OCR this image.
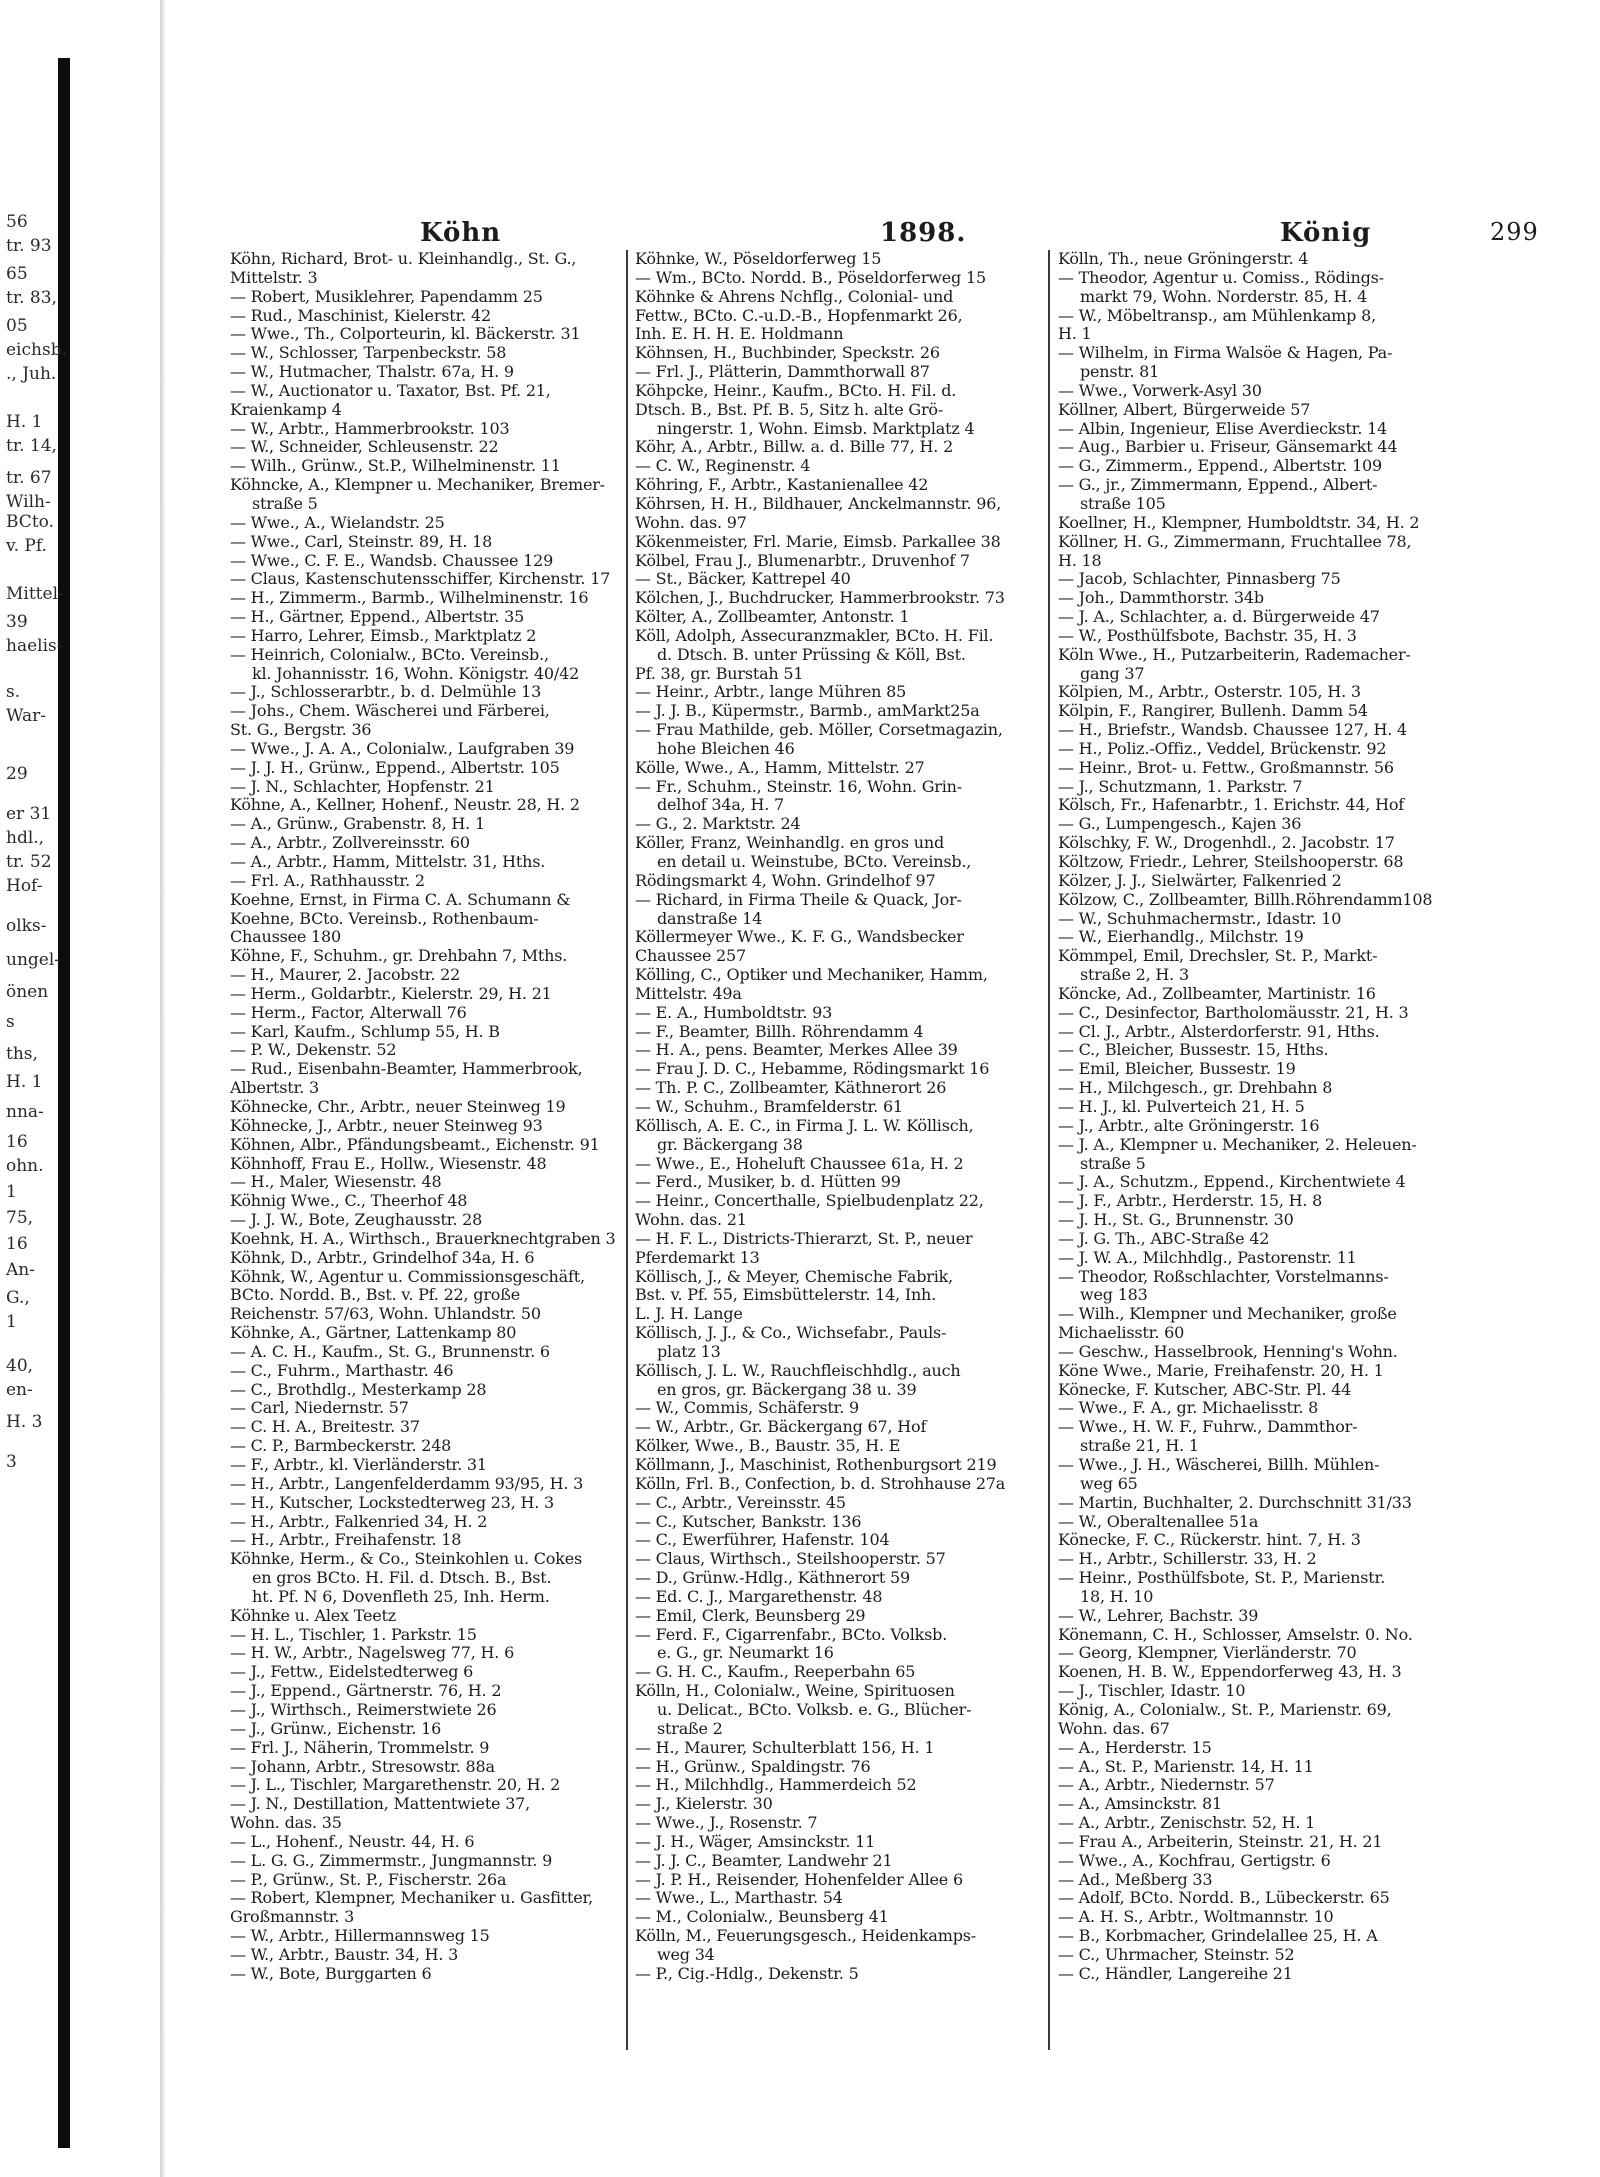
56
tr. 93
65
tr. 83,
05
eichsb.
., Juh.
H. 1
tr. 14,
tr. 67
Wilh-
BCto.
v. Pf.
Mittel-
39
haelis-
s.
War-
29
er 31
hdl.,
tr. 52
Hof-
olks-
ungel-
önen
s
ths,
H. 1
nna-
16
ohn.
1
75,
16
An-
G.,
1
40,
en-
H. 3
3
Köhn	1898.	König	299
Köhn, Richard, Brot- u. Kleinhandlg., St. G.,
Mittelstr. 3
— Robert, Musiklehrer, Papendamm 25
— Rud., Maschinist, Kielerstr. 42
— Wwe., Th., Colporteurin, kl. Bäckerstr. 31
— W., Schlosser, Tarpenbeckstr. 58
— W., Hutmacher, Thalstr. 67a, H. 9
— W., Auctionator u. Taxator, Bst. Pf. 21,
Kraienkamp 4
— W., Arbtr., Hammerbrookstr. 103
— W., Schneider, Schleusenstr. 22
— Wilh., Grünw., St.P., Wilhelminenstr. 11
Köhncke, A., Klempner u. Mechaniker, Bremer-
straße 5
— Wwe., A., Wielandstr. 25
— Wwe., Carl, Steinstr. 89, H. 18
— Wwe., C. F. E., Wandsb. Chaussee 129
— Claus, Kastenschutensschiffer, Kirchenstr. 17
— H., Zimmerm., Barmb., Wilhelminenstr. 16
— H., Gärtner, Eppend., Albertstr. 35
— Harro, Lehrer, Eimsb., Marktplatz 2
— Heinrich, Colonialw., BCto. Vereinsb.,
kl. Johannisstr. 16, Wohn. Königstr. 40/42
— J., Schlosserarbtr., b. d. Delmühle 13
— Johs., Chem. Wäscherei und Färberei,
St. G., Bergstr. 36
— Wwe., J. A. A., Colonialw., Laufgraben 39
— J. J. H., Grünw., Eppend., Albertstr. 105
— J. N., Schlachter, Hopfenstr. 21
Köhne, A., Kellner, Hohenf., Neustr. 28, H. 2
— A., Grünw., Grabenstr. 8, H. 1
— A., Arbtr., Zollvereinsstr. 60
— A., Arbtr., Hamm, Mittelstr. 31, Hths.
— Frl. A., Rathhausstr. 2
Koehne, Ernst, in Firma C. A. Schumann &
Koehne, BCto. Vereinsb., Rothenbaum-
Chaussee 180
Köhne, F., Schuhm., gr. Drehbahn 7, Mths.
— H., Maurer, 2. Jacobstr. 22
— Herm., Goldarbtr., Kielerstr. 29, H. 21
— Herm., Factor, Alterwall 76
— Karl, Kaufm., Schlump 55, H. B
— P. W., Dekenstr. 52
— Rud., Eisenbahn-Beamter, Hammerbrook,
Albertstr. 3
Köhnecke, Chr., Arbtr., neuer Steinweg 19
Köhnecke, J., Arbtr., neuer Steinweg 93
Köhnen, Albr., Pfändungsbeamt., Eichenstr. 91
Köhnhoff, Frau E., Hollw., Wiesenstr. 48
— H., Maler, Wiesenstr. 48
Köhnig Wwe., C., Theerhof 48
— J. J. W., Bote, Zeughausstr. 28
Koehnk, H. A., Wirthsch., Brauerknechtgraben 3
Köhnk, D., Arbtr., Grindelhof 34a, H. 6
Köhnk, W., Agentur u. Commissionsgeschäft,
BCto. Nordd. B., Bst. v. Pf. 22, große
Reichenstr. 57/63, Wohn. Uhlandstr. 50
Köhnke, A., Gärtner, Lattenkamp 80
— A. C. H., Kaufm., St. G., Brunnenstr. 6
— C., Fuhrm., Marthastr. 46
— C., Brothdlg., Mesterkamp 28
— Carl, Niedernstr. 57
— C. H. A., Breitestr. 37
— C. P., Barmbeckerstr. 248
— F., Arbtr., kl. Vierländerstr. 31
— H., Arbtr., Langenfelderdamm 93/95, H. 3
— H., Kutscher, Lockstedterweg 23, H. 3
— H., Arbtr., Falkenried 34, H. 2
— H., Arbtr., Freihafenstr. 18
Köhnke, Herm., & Co., Steinkohlen u. Cokes
en gros BCto. H. Fil. d. Dtsch. B., Bst.
ht. Pf. N 6, Dovenfleth 25, Inh. Herm.
Köhnke u. Alex Teetz
— H. L., Tischler, 1. Parkstr. 15
— H. W., Arbtr., Nagelsweg 77, H. 6
— J., Fettw., Eidelstedterweg 6
— J., Eppend., Gärtnerstr. 76, H. 2
— J., Wirthsch., Reimerstwiete 26
— J., Grünw., Eichenstr. 16
— Frl. J., Näherin, Trommelstr. 9
— Johann, Arbtr., Stresowstr. 88a
— J. L., Tischler, Margarethenstr. 20, H. 2
— J. N., Destillation, Mattentwiete 37,
Wohn. das. 35
— L., Hohenf., Neustr. 44, H. 6
— L. G. G., Zimmermstr., Jungmannstr. 9
— P., Grünw., St. P., Fischerstr. 26a
— Robert, Klempner, Mechaniker u. Gasfitter,
Großmannstr. 3
— W., Arbtr., Hillermannsweg 15
— W., Arbtr., Baustr. 34, H. 3
— W., Bote, Burggarten 6
Köhnke, W., Pöseldorferweg 15
— Wm., BCto. Nordd. B., Pöseldorferweg 15
Köhnke & Ahrens Nchflg., Colonial- und
Fettw., BCto. C.-u.D.-B., Hopfenmarkt 26,
Inh. E. H. H. E. Holdmann
Köhnsen, H., Buchbinder, Speckstr. 26
— Frl. J., Plätterin, Dammthorwall 87
Köhpcke, Heinr., Kaufm., BCto. H. Fil. d.
Dtsch. B., Bst. Pf. B. 5, Sitz h. alte Grö-
ningerstr. 1, Wohn. Eimsb. Marktplatz 4
Köhr, A., Arbtr., Billw. a. d. Bille 77, H. 2
— C. W., Reginenstr. 4
Köhring, F., Arbtr., Kastanienallee 42
Köhrsen, H. H., Bildhauer, Anckelmannstr. 96,
Wohn. das. 97
Kökenmeister, Frl. Marie, Eimsb. Parkallee 38
Kölbel, Frau J., Blumenarbtr., Druvenhof 7
— St., Bäcker, Kattrepel 40
Kölchen, J., Buchdrucker, Hammerbrookstr. 73
Költer, A., Zollbeamter, Antonstr. 1
Köll, Adolph, Assecuranzmakler, BCto. H. Fil.
d. Dtsch. B. unter Prüssing & Köll, Bst.
Pf. 38, gr. Burstah 51
— Heinr., Arbtr., lange Mühren 85
— J. J. B., Küpermstr., Barmb., amMarkt25a
— Frau Mathilde, geb. Möller, Corsetmagazin,
hohe Bleichen 46
Kölle, Wwe., A., Hamm, Mittelstr. 27
— Fr., Schuhm., Steinstr. 16, Wohn. Grin-
delhof 34a, H. 7
— G., 2. Marktstr. 24
Köller, Franz, Weinhandlg. en gros und
en detail u. Weinstube, BCto. Vereinsb.,
Rödingsmarkt 4, Wohn. Grindelhof 97
— Richard, in Firma Theile & Quack, Jor-
danstraße 14
Köllermeyer Wwe., K. F. G., Wandsbecker
Chaussee 257
Kölling, C., Optiker und Mechaniker, Hamm,
Mittelstr. 49a
— E. A., Humboldtstr. 93
— F., Beamter, Billh. Röhrendamm 4
— H. A., pens. Beamter, Merkes Allee 39
— Frau J. D. C., Hebamme, Rödingsmarkt 16
— Th. P. C., Zollbeamter, Käthnerort 26
— W., Schuhm., Bramfelderstr. 61
Köllisch, A. E. C., in Firma J. L. W. Köllisch,
gr. Bäckergang 38
— Wwe., E., Hoheluft Chaussee 61a, H. 2
— Ferd., Musiker, b. d. Hütten 99
— Heinr., Concerthalle, Spielbudenplatz 22,
Wohn. das. 21
— H. F. L., Districts-Thierarzt, St. P., neuer
Pferdemarkt 13
Köllisch, J., & Meyer, Chemische Fabrik,
Bst. v. Pf. 55, Eimsbüttelerstr. 14, Inh.
L. J. H. Lange
Köllisch, J. J., & Co., Wichsefabr., Pauls-
platz 13
Köllisch, J. L. W., Rauchfleischhdlg., auch
en gros, gr. Bäckergang 38 u. 39
— W., Commis, Schäferstr. 9
— W., Arbtr., Gr. Bäckergang 67, Hof
Kölker, Wwe., B., Baustr. 35, H. E
Köllmann, J., Maschinist, Rothenburgsort 219
Kölln, Frl. B., Confection, b. d. Strohhause 27a
— C., Arbtr., Vereinsstr. 45
— C., Kutscher, Bankstr. 136
— C., Ewerführer, Hafenstr. 104
— Claus, Wirthsch., Steilshooperstr. 57
— D., Grünw.-Hdlg., Käthnerort 59
— Ed. C. J., Margarethenstr. 48
— Emil, Clerk, Beunsberg 29
— Ferd. F., Cigarrenfabr., BCto. Volksb.
e. G., gr. Neumarkt 16
— G. H. C., Kaufm., Reeperbahn 65
Kölln, H., Colonialw., Weine, Spirituosen
u. Delicat., BCto. Volksb. e. G., Blücher-
straße 2
— H., Maurer, Schulterblatt 156, H. 1
— H., Grünw., Spaldingstr. 76
— H., Milchhdlg., Hammerdeich 52
— J., Kielerstr. 30
— Wwe., J., Rosenstr. 7
— J. H., Wäger, Amsinckstr. 11
— J. J. C., Beamter, Landwehr 21
— J. P. H., Reisender, Hohenfelder Allee 6
— Wwe., L., Marthastr. 54
— M., Colonialw., Beunsberg 41
Kölln, M., Feuerungsgesch., Heidenkamps-
weg 34
— P., Cig.-Hdlg., Dekenstr. 5
Kölln, Th., neue Gröningerstr. 4
— Theodor, Agentur u. Comiss., Rödings-
markt 79, Wohn. Norderstr. 85, H. 4
— W., Möbeltransp., am Mühlenkamp 8,
H. 1
— Wilhelm, in Firma Walsöe & Hagen, Pa-
penstr. 81
— Wwe., Vorwerk-Asyl 30
Köllner, Albert, Bürgerweide 57
— Albin, Ingenieur, Elise Averdieckstr. 14
— Aug., Barbier u. Friseur, Gänsemarkt 44
— G., Zimmerm., Eppend., Albertstr. 109
— G., jr., Zimmermann, Eppend., Albert-
straße 105
Koellner, H., Klempner, Humboldtstr. 34, H. 2
Köllner, H. G., Zimmermann, Fruchtallee 78,
H. 18
— Jacob, Schlachter, Pinnasberg 75
— Joh., Dammthorstr. 34b
— J. A., Schlachter, a. d. Bürgerweide 47
— W., Posthülfsbote, Bachstr. 35, H. 3
Köln Wwe., H., Putzarbeiterin, Rademacher-
gang 37
Kölpien, M., Arbtr., Osterstr. 105, H. 3
Kölpin, F., Rangirer, Bullenh. Damm 54
— H., Briefstr., Wandsb. Chaussee 127, H. 4
— H., Poliz.-Offiz., Veddel, Brückenstr. 92
— Heinr., Brot- u. Fettw., Großmannstr. 56
— J., Schutzmann, 1. Parkstr. 7
Kölsch, Fr., Hafenarbtr., 1. Erichstr. 44, Hof
— G., Lumpengesch., Kajen 36
Kölschky, F. W., Drogenhdl., 2. Jacobstr. 17
Költzow, Friedr., Lehrer, Steilshooperstr. 68
Kölzer, J. J., Sielwärter, Falkenried 2
Kölzow, C., Zollbeamter, Billh.Röhrendamm108
— W., Schuhmachermstr., Idastr. 10
— W., Eierhandlg., Milchstr. 19
Kömmpel, Emil, Drechsler, St. P., Markt-
straße 2, H. 3
Köncke, Ad., Zollbeamter, Martinistr. 16
— C., Desinfector, Bartholomäusstr. 21, H. 3
— Cl. J., Arbtr., Alsterdorferstr. 91, Hths.
— C., Bleicher, Bussestr. 15, Hths.
— Emil, Bleicher, Bussestr. 19
— H., Milchgesch., gr. Drehbahn 8
— H. J., kl. Pulverteich 21, H. 5
— J., Arbtr., alte Gröningerstr. 16
— J. A., Klempner u. Mechaniker, 2. Heleuen-
straße 5
— J. A., Schutzm., Eppend., Kirchentwiete 4
— J. F., Arbtr., Herderstr. 15, H. 8
— J. H., St. G., Brunnenstr. 30
— J. G. Th., ABC-Straße 42
— J. W. A., Milchhdlg., Pastorenstr. 11
— Theodor, Roßschlachter, Vorstelmanns-
weg 183
— Wilh., Klempner und Mechaniker, große
Michaelisstr. 60
— Geschw., Hasselbrook, Henning's Wohn.
Köne Wwe., Marie, Freihafenstr. 20, H. 1
Könecke, F. Kutscher, ABC-Str. Pl. 44
— Wwe., F. A., gr. Michaelisstr. 8
— Wwe., H. W. F., Fuhrw., Dammthor-
straße 21, H. 1
— Wwe., J. H., Wäscherei, Billh. Mühlen-
weg 65
— Martin, Buchhalter, 2. Durchschnitt 31/33
— W., Oberaltenallee 51a
Könecke, F. C., Rückerstr. hint. 7, H. 3
— H., Arbtr., Schillerstr. 33, H. 2
— Heinr., Posthülfsbote, St. P., Marienstr.
18, H. 10
— W., Lehrer, Bachstr. 39
Könemann, C. H., Schlosser, Amselstr. 0. No.
— Georg, Klempner, Vierländerstr. 70
Koenen, H. B. W., Eppendorferweg 43, H. 3
— J., Tischler, Idastr. 10
König, A., Colonialw., St. P., Marienstr. 69,
Wohn. das. 67
— A., Herderstr. 15
— A., St. P., Marienstr. 14, H. 11
— A., Arbtr., Niedernstr. 57
— A., Amsinckstr. 81
— A., Arbtr., Zenischstr. 52, H. 1
— Frau A., Arbeiterin, Steinstr. 21, H. 21
— Wwe., A., Kochfrau, Gertigstr. 6
— Ad., Meßberg 33
— Adolf, BCto. Nordd. B., Lübeckerstr. 65
— A. H. S., Arbtr., Woltmannstr. 10
— B., Korbmacher, Grindelallee 25, H. A
— C., Uhrmacher, Steinstr. 52
— C., Händler, Langereihe 21
